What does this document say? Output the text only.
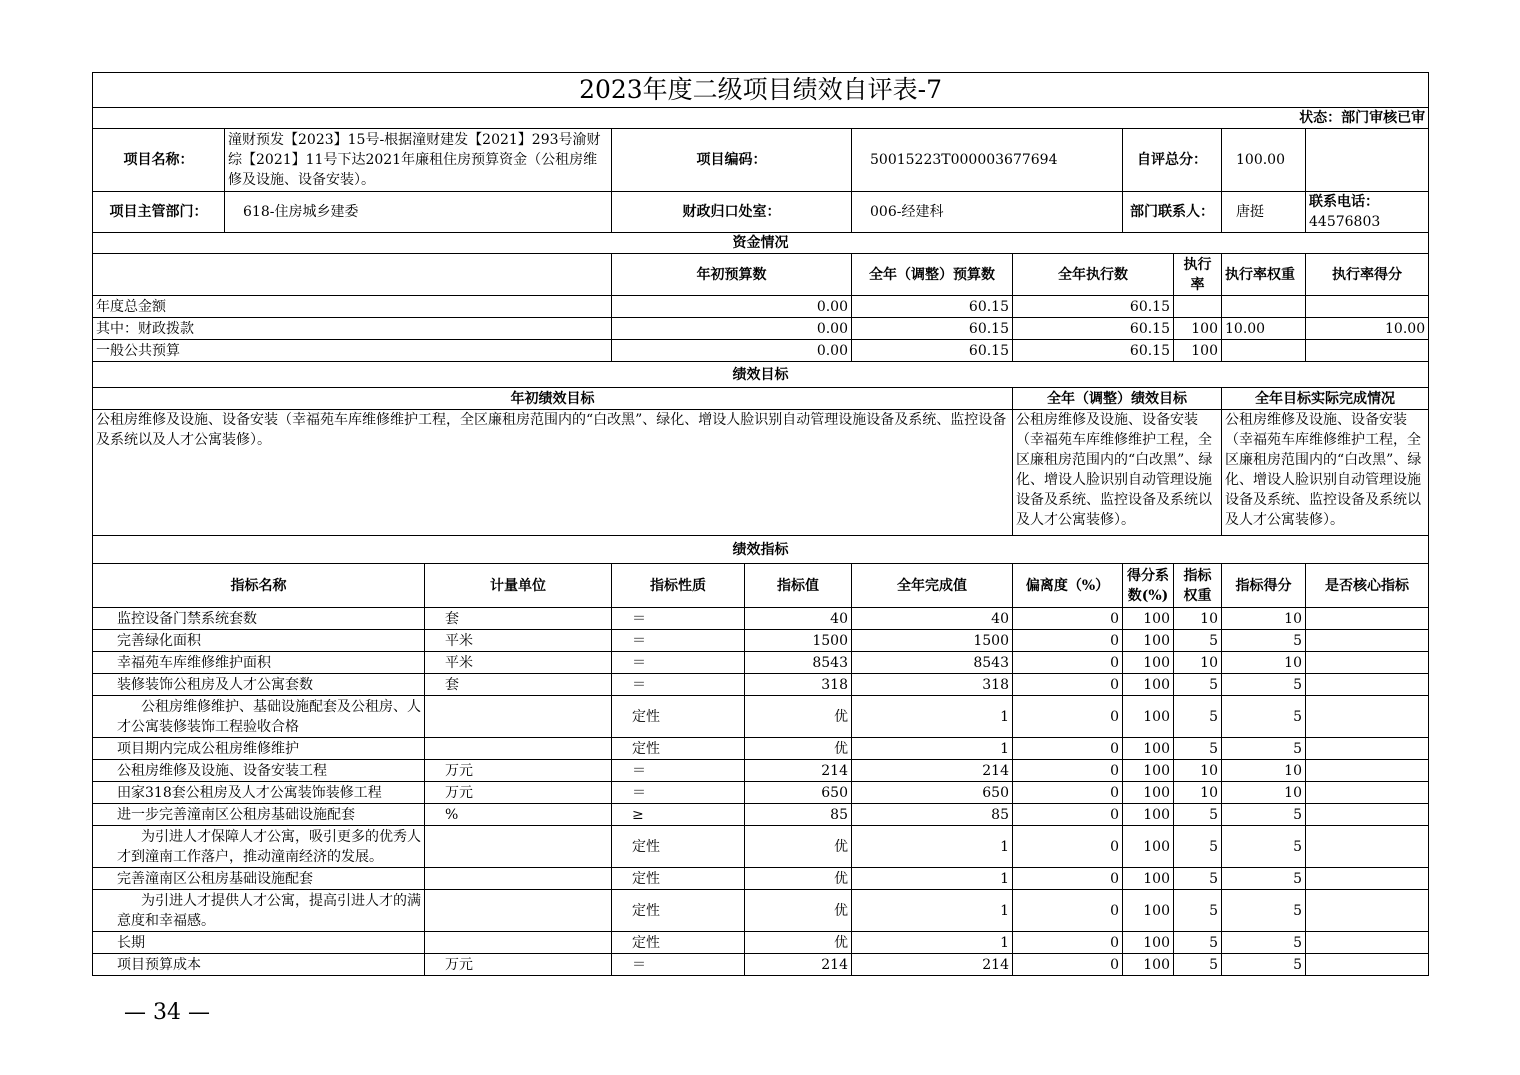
2023年度二级项目绩效自评表-7											
状态：部门审核已审											
项目名称：	潼财预发【2023】15号-根据潼财建发【2021】293号渝财综【2021】11号下达2021年廉租住房预算资金（公租房维修及设施、设备安装）。		项目编码：		50015223T000003677694		自评总分：		100.00		
项目主管部门：	618-住房城乡建委		财政归口处室：		006-经建科		部门联系人：		唐挺	联系电话： 44576803	
资金情况											
			年初预算数		全年（调整）预算数	全年执行数		执行率	执行率权重	执行率得分	
年度总金额			0.00		60.15	60.15					
其中：财政拨款			0.00		60.15	60.15		100	10.00	10.00	
一般公共预算			0.00		60.15	60.15		100			
绩效目标											
年初绩效目标						全年（调整）绩效目标			全年目标实际完成情况		
公租房维修及设施、设备安装（幸福苑车库维修维护工程，全区廉租房范围内的“白改黑”、绿化、增设人脸识别自动管理设施设备及系统、监控设备及系统以及人才公寓装修）。						公租房维修及设施、设备安装（幸福苑车库维修维护工程，全区廉租房范围内的“白改黑”、绿化、增设人脸识别自动管理设施设备及系统、监控设备及系统以及人才公寓装修）。			公租房维修及设施、设备安装（幸福苑车库维修维护工程，全区廉租房范围内的“白改黑”、绿化、增设人脸识别自动管理设施设备及系统、监控设备及系统以及人才公寓装修）。		
绩效指标											
指标名称		计量单位	指标性质	指标值	全年完成值	偏离度（%）	得分系数(%)	指标权重	指标得分	是否核心指标	
监控设备门禁系统套数		套	＝	40	40	0	100	10	10		
完善绿化面积		平米	＝	1500	1500	0	100	5	5		
幸福苑车库维修维护面积		平米	＝	8543	8543	0	100	10	10		
装修装饰公租房及人才公寓套数		套	＝	318	318	0	100	5	5		
公租房维修维护、基础设施配套及公租房、人才公寓装修装饰工程验收合格			定性	优	1	0	100	5	5		
项目期内完成公租房维修维护			定性	优	1	0	100	5	5		
公租房维修及设施、设备安装工程		万元	＝	214	214	0	100	10	10		
田家318套公租房及人才公寓装饰装修工程		万元	＝	650	650	0	100	10	10		
进一步完善潼南区公租房基础设施配套		%	≥	85	85	0	100	5	5		
为引进人才保障人才公寓，吸引更多的优秀人才到潼南工作落户，推动潼南经济的发展。			定性	优	1	0	100	5	5		
完善潼南区公租房基础设施配套			定性	优	1	0	100	5	5		
为引进人才提供人才公寓，提高引进人才的满意度和幸福感。			定性	优	1	0	100	5	5		
长期			定性	优	1	0	100	5	5		
项目预算成本		万元	＝	214	214	0	100	5	5		
— 34 —
